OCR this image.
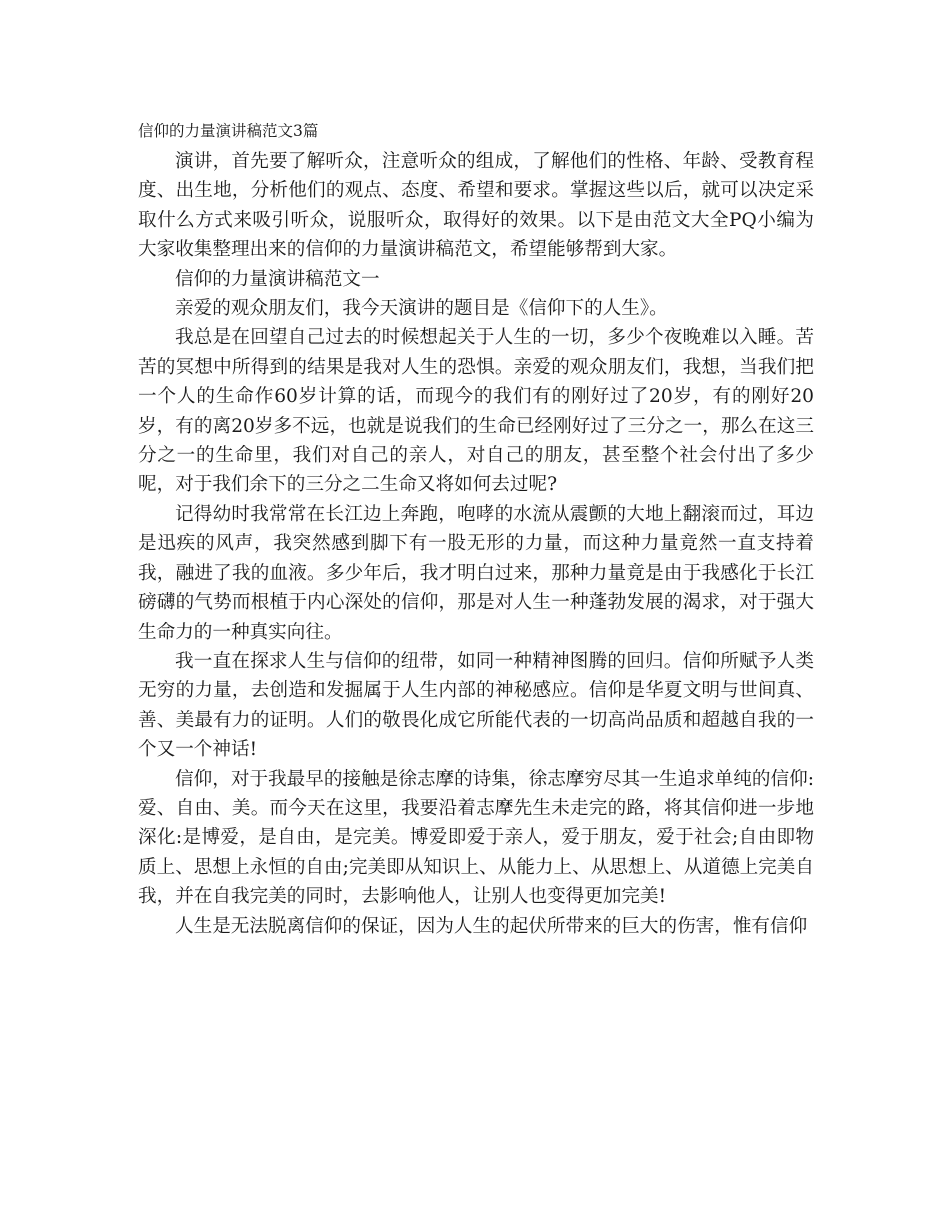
信仰的力量演讲稿范文3篇

演讲，首先要了解听众，注意听众的组成，了解他们的性格、年龄、受教育程度、出生地，分析他们的观点、态度、希望和要求。掌握这些以后，就可以决定采取什么方式来吸引听众，说服听众，取得好的效果。以下是由范文大全PQ小编为大家收集整理出来的信仰的力量演讲稿范文，希望能够帮到大家。

信仰的力量演讲稿范文一

亲爱的观众朋友们，我今天演讲的题目是《信仰下的人生》。

我总是在回望自己过去的时候想起关于人生的一切，多少个夜晚难以入睡。苦苦的冥想中所得到的结果是我对人生的恐惧。亲爱的观众朋友们，我想，当我们把一个人的生命作60岁计算的话，而现今的我们有的刚好过了20岁，有的刚好20岁，有的离20岁多不远，也就是说我们的生命已经刚好过了三分之一，那么在这三分之一的生命里，我们对自己的亲人，对自己的朋友，甚至整个社会付出了多少呢，对于我们余下的三分之二生命又将如何去过呢?

记得幼时我常常在长江边上奔跑，咆哮的水流从震颤的大地上翻滚而过，耳边是迅疾的风声，我突然感到脚下有一股无形的力量，而这种力量竟然一直支持着我，融进了我的血液。多少年后，我才明白过来，那种力量竟是由于我感化于长江磅礴的气势而根植于内心深处的信仰，那是对人生一种蓬勃发展的渴求，对于强大生命力的一种真实向往。

我一直在探求人生与信仰的纽带，如同一种精神图腾的回归。信仰所赋予人类无穷的力量，去创造和发掘属于人生内部的神秘感应。信仰是华夏文明与世间真、善、美最有力的证明。人们的敬畏化成它所能代表的一切高尚品质和超越自我的一个又一个神话!

信仰，对于我最早的接触是徐志摩的诗集，徐志摩穷尽其一生追求单纯的信仰:爱、自由、美。而今天在这里，我要沿着志摩先生未走完的路，将其信仰进一步地深化:是博爱，是自由，是完美。博爱即爱于亲人，爱于朋友，爱于社会;自由即物质上、思想上永恒的自由;完美即从知识上、从能力上、从思想上、从道德上完美自我，并在自我完美的同时，去影响他人，让别人也变得更加完美!

人生是无法脱离信仰的保证，因为人生的起伏所带来的巨大的伤害，惟有信仰
